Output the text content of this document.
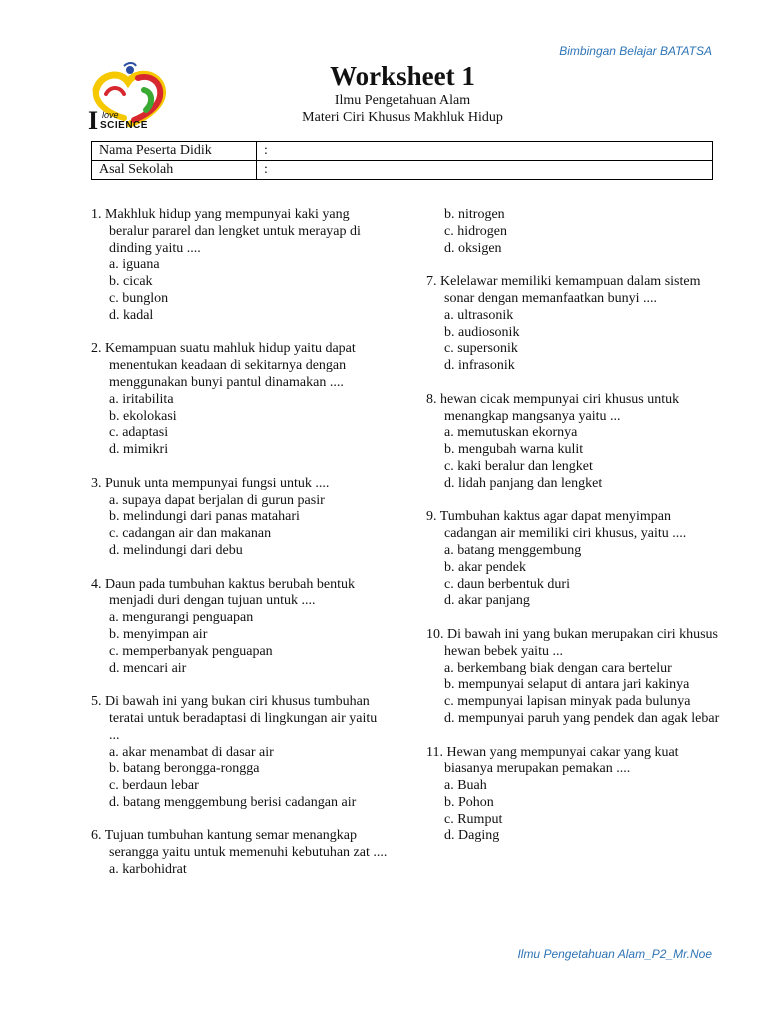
Bimbingan Belajar BATATSA
I love
SCIENCE
Worksheet 1
Ilmu Pengetahuan Alam
Materi Ciri Khusus Makhluk Hidup
Nama Peserta Didik	:
Asal Sekolah	:
1. Makhluk hidup yang mempunyai kaki yang beralur pararel dan lengket untuk merayap di dinding yaitu ....
a. iguana
b. cicak
c. bunglon
d. kadal
2. Kemampuan suatu mahluk hidup yaitu dapat menentukan keadaan di sekitarnya dengan menggunakan bunyi pantul dinamakan ....
a. iritabilita
b. ekolokasi
c. adaptasi
d. mimikri
3. Punuk unta mempunyai fungsi untuk ....
a. supaya dapat berjalan di gurun pasir
b. melindungi dari panas matahari
c. cadangan air dan makanan
d. melindungi dari debu
4. Daun pada tumbuhan kaktus berubah bentuk menjadi duri dengan tujuan untuk ....
a. mengurangi penguapan
b. menyimpan air
c. memperbanyak penguapan
d. mencari air
5. Di bawah ini yang bukan ciri khusus tumbuhan teratai untuk beradaptasi di lingkungan air yaitu ...
a. akar menambat di dasar air
b. batang berongga-rongga
c. berdaun lebar
d. batang menggembung berisi cadangan air
6. Tujuan tumbuhan kantung semar menangkap serangga yaitu untuk memenuhi kebutuhan zat ....
a. karbohidrat
b. nitrogen
c. hidrogen
d. oksigen
7. Kelelawar memiliki kemampuan dalam sistem sonar dengan memanfaatkan bunyi ....
a. ultrasonik
b. audiosonik
c. supersonik
d. infrasonik
8. hewan cicak mempunyai ciri khusus untuk menangkap mangsanya yaitu ...
a. memutuskan ekornya
b. mengubah warna kulit
c. kaki beralur dan lengket
d. lidah panjang dan lengket
9. Tumbuhan kaktus agar dapat menyimpan cadangan air memiliki ciri khusus, yaitu ....
a. batang menggembung
b. akar pendek
c. daun berbentuk duri
d. akar panjang
10. Di bawah ini yang bukan merupakan ciri khusus hewan bebek yaitu ...
a. berkembang biak dengan cara bertelur
b. mempunyai selaput di antara jari kakinya
c. mempunyai lapisan minyak pada bulunya
d. mempunyai paruh yang pendek dan agak lebar
11. Hewan yang mempunyai cakar yang kuat biasanya merupakan pemakan ....
a. Buah
b. Pohon
c. Rumput
d. Daging
Ilmu Pengetahuan Alam_P2_Mr.Noe
